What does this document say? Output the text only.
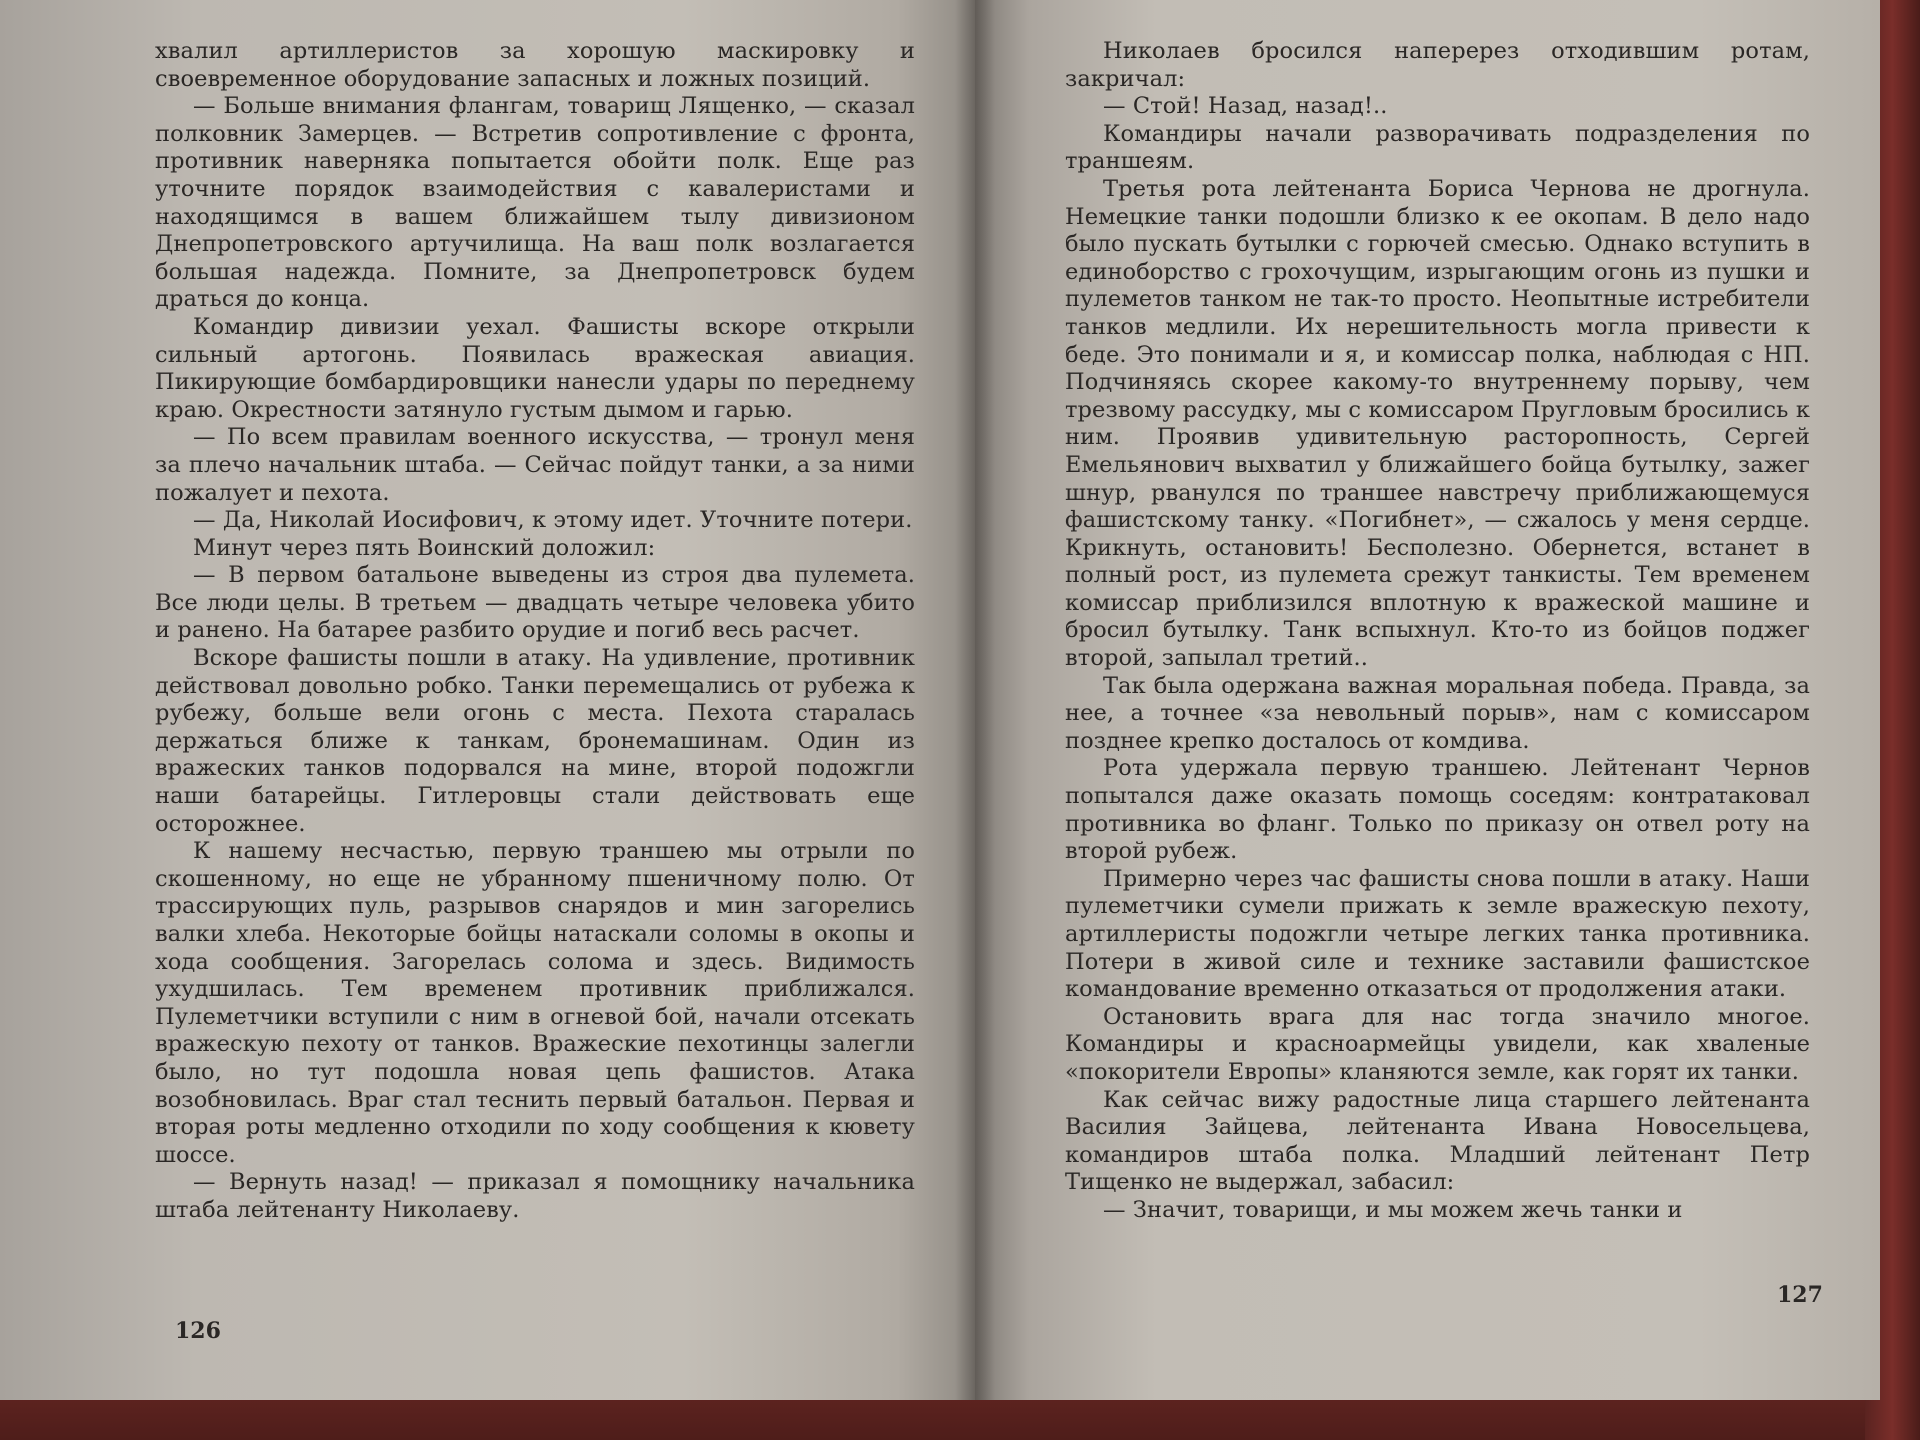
хвалил артиллеристов за хорошую маскировку и своевременное оборудование запасных и ложных позиций.

— Больше внимания флангам, товарищ Лященко, — сказал полковник Замерцев. — Встретив сопротивление с фронта, противник наверняка попытается обойти полк. Еще раз уточните порядок взаимодействия с кавалеристами и находящимся в вашем ближайшем тылу дивизионом Днепропетровского артучилища. На ваш полк возлагается большая надежда. Помните, за Днепропетровск будем драться до конца.

Командир дивизии уехал. Фашисты вскоре открыли сильный артогонь. Появилась вражеская авиация. Пикирующие бомбардировщики нанесли удары по переднему краю. Окрестности затянуло густым дымом и гарью.

— По всем правилам военного искусства, — тронул меня за плечо начальник штаба. — Сейчас пойдут танки, а за ними пожалует и пехота.

— Да, Николай Иосифович, к этому идет. Уточните потери.

Минут через пять Воинский доложил:

— В первом батальоне выведены из строя два пулемета. Все люди целы. В третьем — двадцать четыре человека убито и ранено. На батарее разбито орудие и погиб весь расчет.

Вскоре фашисты пошли в атаку. На удивление, противник действовал довольно робко. Танки перемещались от рубежа к рубежу, больше вели огонь с места. Пехота старалась держаться ближе к танкам, бронемашинам. Один из вражеских танков подорвался на мине, второй подожгли наши батарейцы. Гитлеровцы стали действовать еще осторожнее.

К нашему несчастью, первую траншею мы отрыли по скошенному, но еще не убранному пшеничному полю. От трассирующих пуль, разрывов снарядов и мин загорелись валки хлеба. Некоторые бойцы натаскали соломы в окопы и хода сообщения. Загорелась солома и здесь. Видимость ухудшилась. Тем временем противник приближался. Пулеметчики вступили с ним в огневой бой, начали отсекать вражескую пехоту от танков. Вражеские пехотинцы залегли было, но тут подошла новая цепь фашистов. Атака возобновилась. Враг стал теснить первый батальон. Первая и вторая роты медленно отходили по ходу сообщения к кювету шоссе.

— Вернуть назад! — приказал я помощнику начальника штаба лейтенанту Николаеву.

126

Николаев бросился наперерез отходившим ротам, закричал:

— Стой! Назад, назад!..

Командиры начали разворачивать подразделения по траншеям.

Третья рота лейтенанта Бориса Чернова не дрогнула. Немецкие танки подошли близко к ее окопам. В дело надо было пускать бутылки с горючей смесью. Однако вступить в единоборство с грохочущим, изрыгающим огонь из пушки и пулеметов танком не так-то просто. Неопытные истребители танков медлили. Их нерешительность могла привести к беде. Это понимали и я, и комиссар полка, наблюдая с НП. Подчиняясь скорее какому-то внутреннему порыву, чем трезвому рассудку, мы с комиссаром Пругловым бросились к ним. Проявив удивительную расторопность, Сергей Емельянович выхватил у ближайшего бойца бутылку, зажег шнур, рванулся по траншее навстречу приближающемуся фашистскому танку. «Погибнет», — сжалось у меня сердце. Крикнуть, остановить! Бесполезно. Обернется, встанет в полный рост, из пулемета срежут танкисты. Тем временем комиссар приблизился вплотную к вражеской машине и бросил бутылку. Танк вспыхнул. Кто-то из бойцов поджег второй, запылал третий..

Так была одержана важная моральная победа. Правда, за нее, а точнее «за невольный порыв», нам с комиссаром позднее крепко досталось от комдива.

Рота удержала первую траншею. Лейтенант Чернов попытался даже оказать помощь соседям: контратаковал противника во фланг. Только по приказу он отвел роту на второй рубеж.

Примерно через час фашисты снова пошли в атаку. Наши пулеметчики сумели прижать к земле вражескую пехоту, артиллеристы подожгли четыре легких танка противника. Потери в живой силе и технике заставили фашистское командование временно отказаться от продолжения атаки.

Остановить врага для нас тогда значило многое. Командиры и красноармейцы увидели, как хваленые «покорители Европы» кланяются земле, как горят их танки.

Как сейчас вижу радостные лица старшего лейтенанта Василия Зайцева, лейтенанта Ивана Новосельцева, командиров штаба полка. Младший лейтенант Петр Тищенко не выдержал, забасил:

— Значит, товарищи, и мы можем жечь танки и

127
